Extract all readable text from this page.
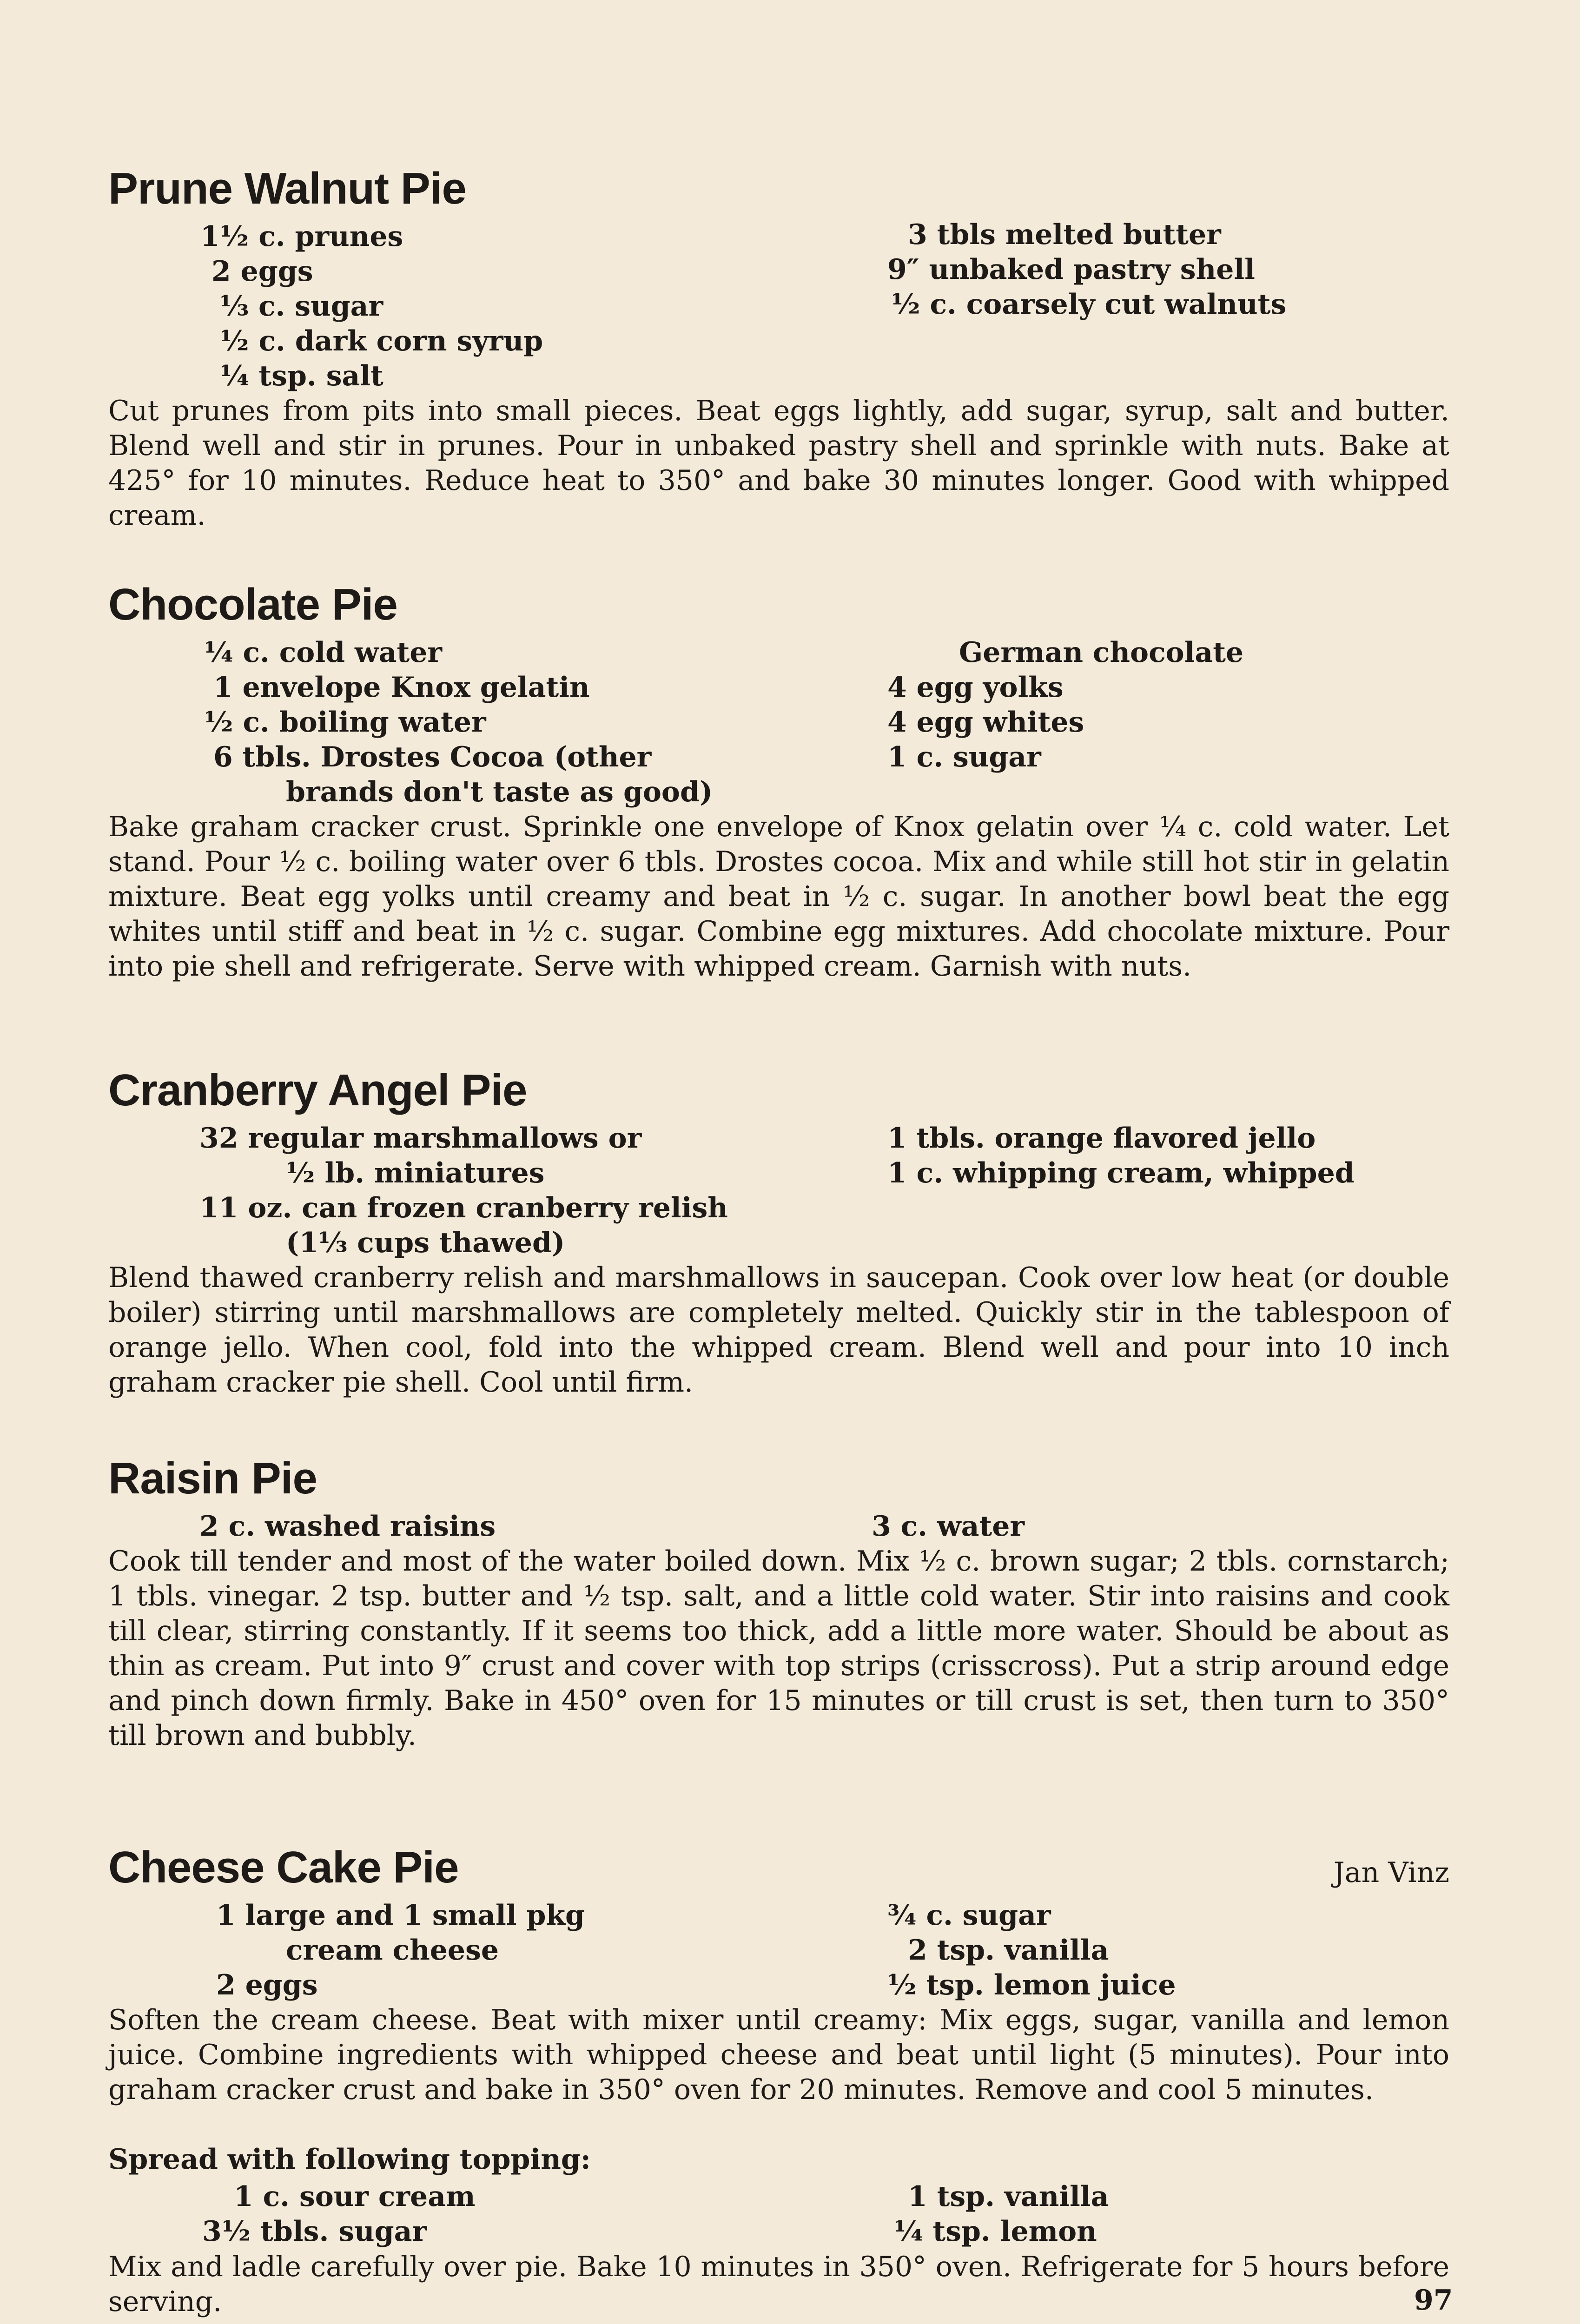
Prune Walnut Pie
1½ c. prunes
2 eggs
⅓ c. sugar
½ c. dark corn syrup
¼ tsp. salt
3 tbls melted butter
9″ unbaked pastry shell
½ c. coarsely cut walnuts
Cut prunes from pits into small pieces. Beat eggs lightly, add sugar, syrup, salt and butter. Blend well and stir in prunes. Pour in unbaked pastry shell and sprinkle with nuts. Bake at 425° for 10 minutes. Reduce heat to 350° and bake 30 minutes longer. Good with whipped cream.
Chocolate Pie
¼ c. cold water
1 envelope Knox gelatin
½ c. boiling water
6 tbls. Drostes Cocoa (other
brands don't taste as good)
German chocolate
4 egg yolks
4 egg whites
1 c. sugar
Bake graham cracker crust. Sprinkle one envelope of Knox gelatin over ¼ c. cold water. Let stand. Pour ½ c. boiling water over 6 tbls. Drostes cocoa. Mix and while still hot stir in gelatin mixture. Beat egg yolks until creamy and beat in ½ c. sugar. In another bowl beat the egg whites until stiff and beat in ½ c. sugar. Combine egg mixtures. Add chocolate mixture. Pour into pie shell and refrigerate. Serve with whipped cream. Garnish with nuts.
Cranberry Angel Pie
32 regular marshmallows or
½ lb. miniatures
11 oz. can frozen cranberry relish
(1⅓ cups thawed)
1 tbls. orange flavored jello
1 c. whipping cream, whipped
Blend thawed cranberry relish and marshmallows in saucepan. Cook over low heat (or double boiler) stirring until marshmallows are completely melted. Quickly stir in the tablespoon of orange jello. When cool, fold into the whipped cream. Blend well and pour into 10 inch graham cracker pie shell. Cool until firm.
Raisin Pie
2 c. washed raisins	3 c. water
Cook till tender and most of the water boiled down. Mix ½ c. brown sugar; 2 tbls. cornstarch; 1 tbls. vinegar. 2 tsp. butter and ½ tsp. salt, and a little cold water. Stir into raisins and cook till clear, stirring constantly. If it seems too thick, add a little more water. Should be about as thin as cream. Put into 9″ crust and cover with top strips (crisscross). Put a strip around edge and pinch down firmly. Bake in 450° oven for 15 minutes or till crust is set, then turn to 350° till brown and bubbly.
Cheese Cake Pie	Jan Vinz
1 large and 1 small pkg
cream cheese
2 eggs
¾ c. sugar
2 tsp. vanilla
½ tsp. lemon juice
Soften the cream cheese. Beat with mixer until creamy: Mix eggs, sugar, vanilla and lemon juice. Combine ingredients with whipped cheese and beat until light (5 minutes). Pour into graham cracker crust and bake in 350° oven for 20 minutes. Remove and cool 5 minutes.
Spread with following topping:
1 c. sour cream
3½ tbls. sugar
1 tsp. vanilla
¼ tsp. lemon
Mix and ladle carefully over pie. Bake 10 minutes in 350° oven. Refrigerate for 5 hours before serving.	97
